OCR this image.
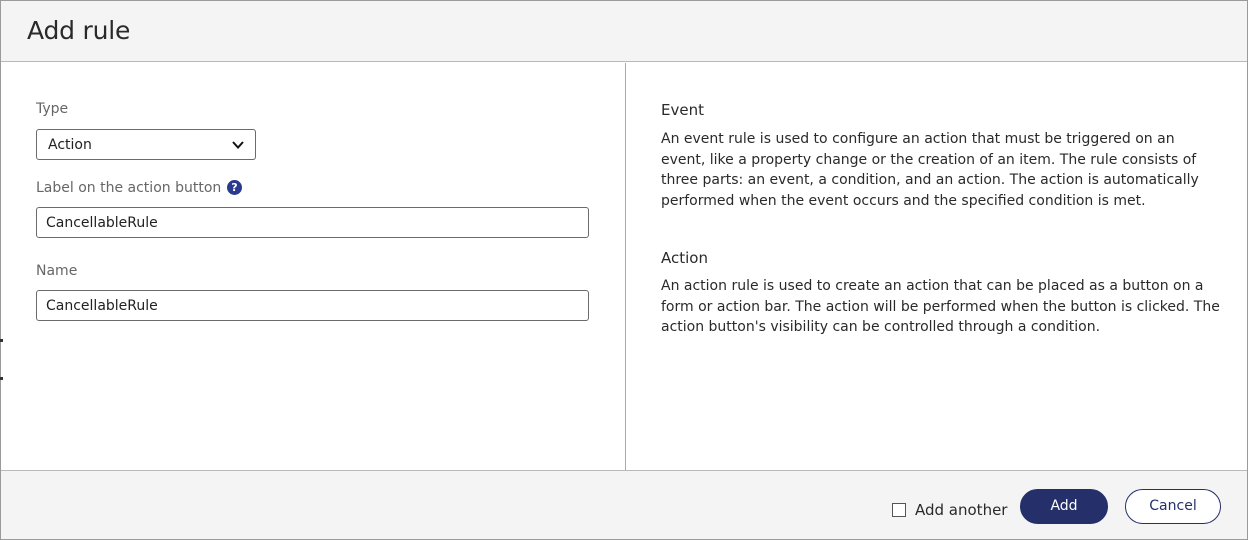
Add rule
Type
Action
Label on the action button ?
CancellableRule
Name
CancellableRule
Event
An event rule is used to configure an action that must be triggered on an event, like a property change or the creation of an item. The rule consists of three parts: an event, a condition, and an action. The action is automatically performed when the event occurs and the specified condition is met.
Action
An action rule is used to create an action that can be placed as a button on a form or action bar. The action will be performed when the button is clicked. The action button's visibility can be controlled through a condition.
Add another	Add	Cancel
